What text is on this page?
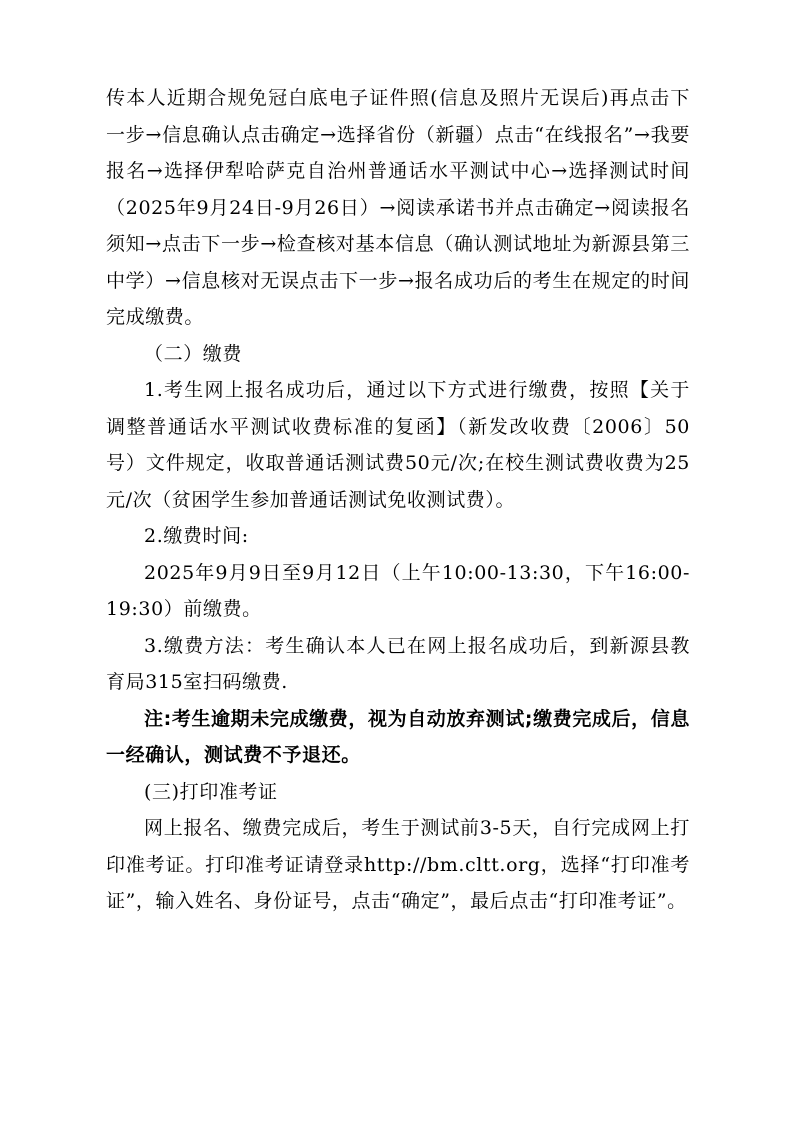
传本人近期合规免冠白底电子证件照(信息及照片无误后)再点击下一步→信息确认点击确定→选择省份（新疆）点击“在线报名”→我要报名→选择伊犁哈萨克自治州普通话水平测试中心→选择测试时间（2025年9月24日-9月26日）→阅读承诺书并点击确定→阅读报名须知→点击下一步→检查核对基本信息（确认测试地址为新源县第三中学）→信息核对无误点击下一步→报名成功后的考生在规定的时间完成缴费。

（二）缴费

1.考生网上报名成功后，通过以下方式进行缴费，按照【关于调整普通话水平测试收费标准的复函】（新发改收费〔2006〕50号）文件规定，收取普通话测试费50元/次;在校生测试费收费为25元/次（贫困学生参加普通话测试免收测试费）。

2.缴费时间:

2025年9月9日至9月12日（上午10:00-13:30，下午16:00-19:30）前缴费。

3.缴费方法：考生确认本人已在网上报名成功后，到新源县教育局315室扫码缴费.

注:考生逾期未完成缴费，视为自动放弃测试;缴费完成后，信息一经确认，测试费不予退还。

(三)打印准考证

网上报名、缴费完成后，考生于测试前3-5天，自行完成网上打印准考证。打印准考证请登录http://bm.cltt.org，选择“打印准考证”，输入姓名、身份证号，点击“确定”，最后点击“打印准考证”。
